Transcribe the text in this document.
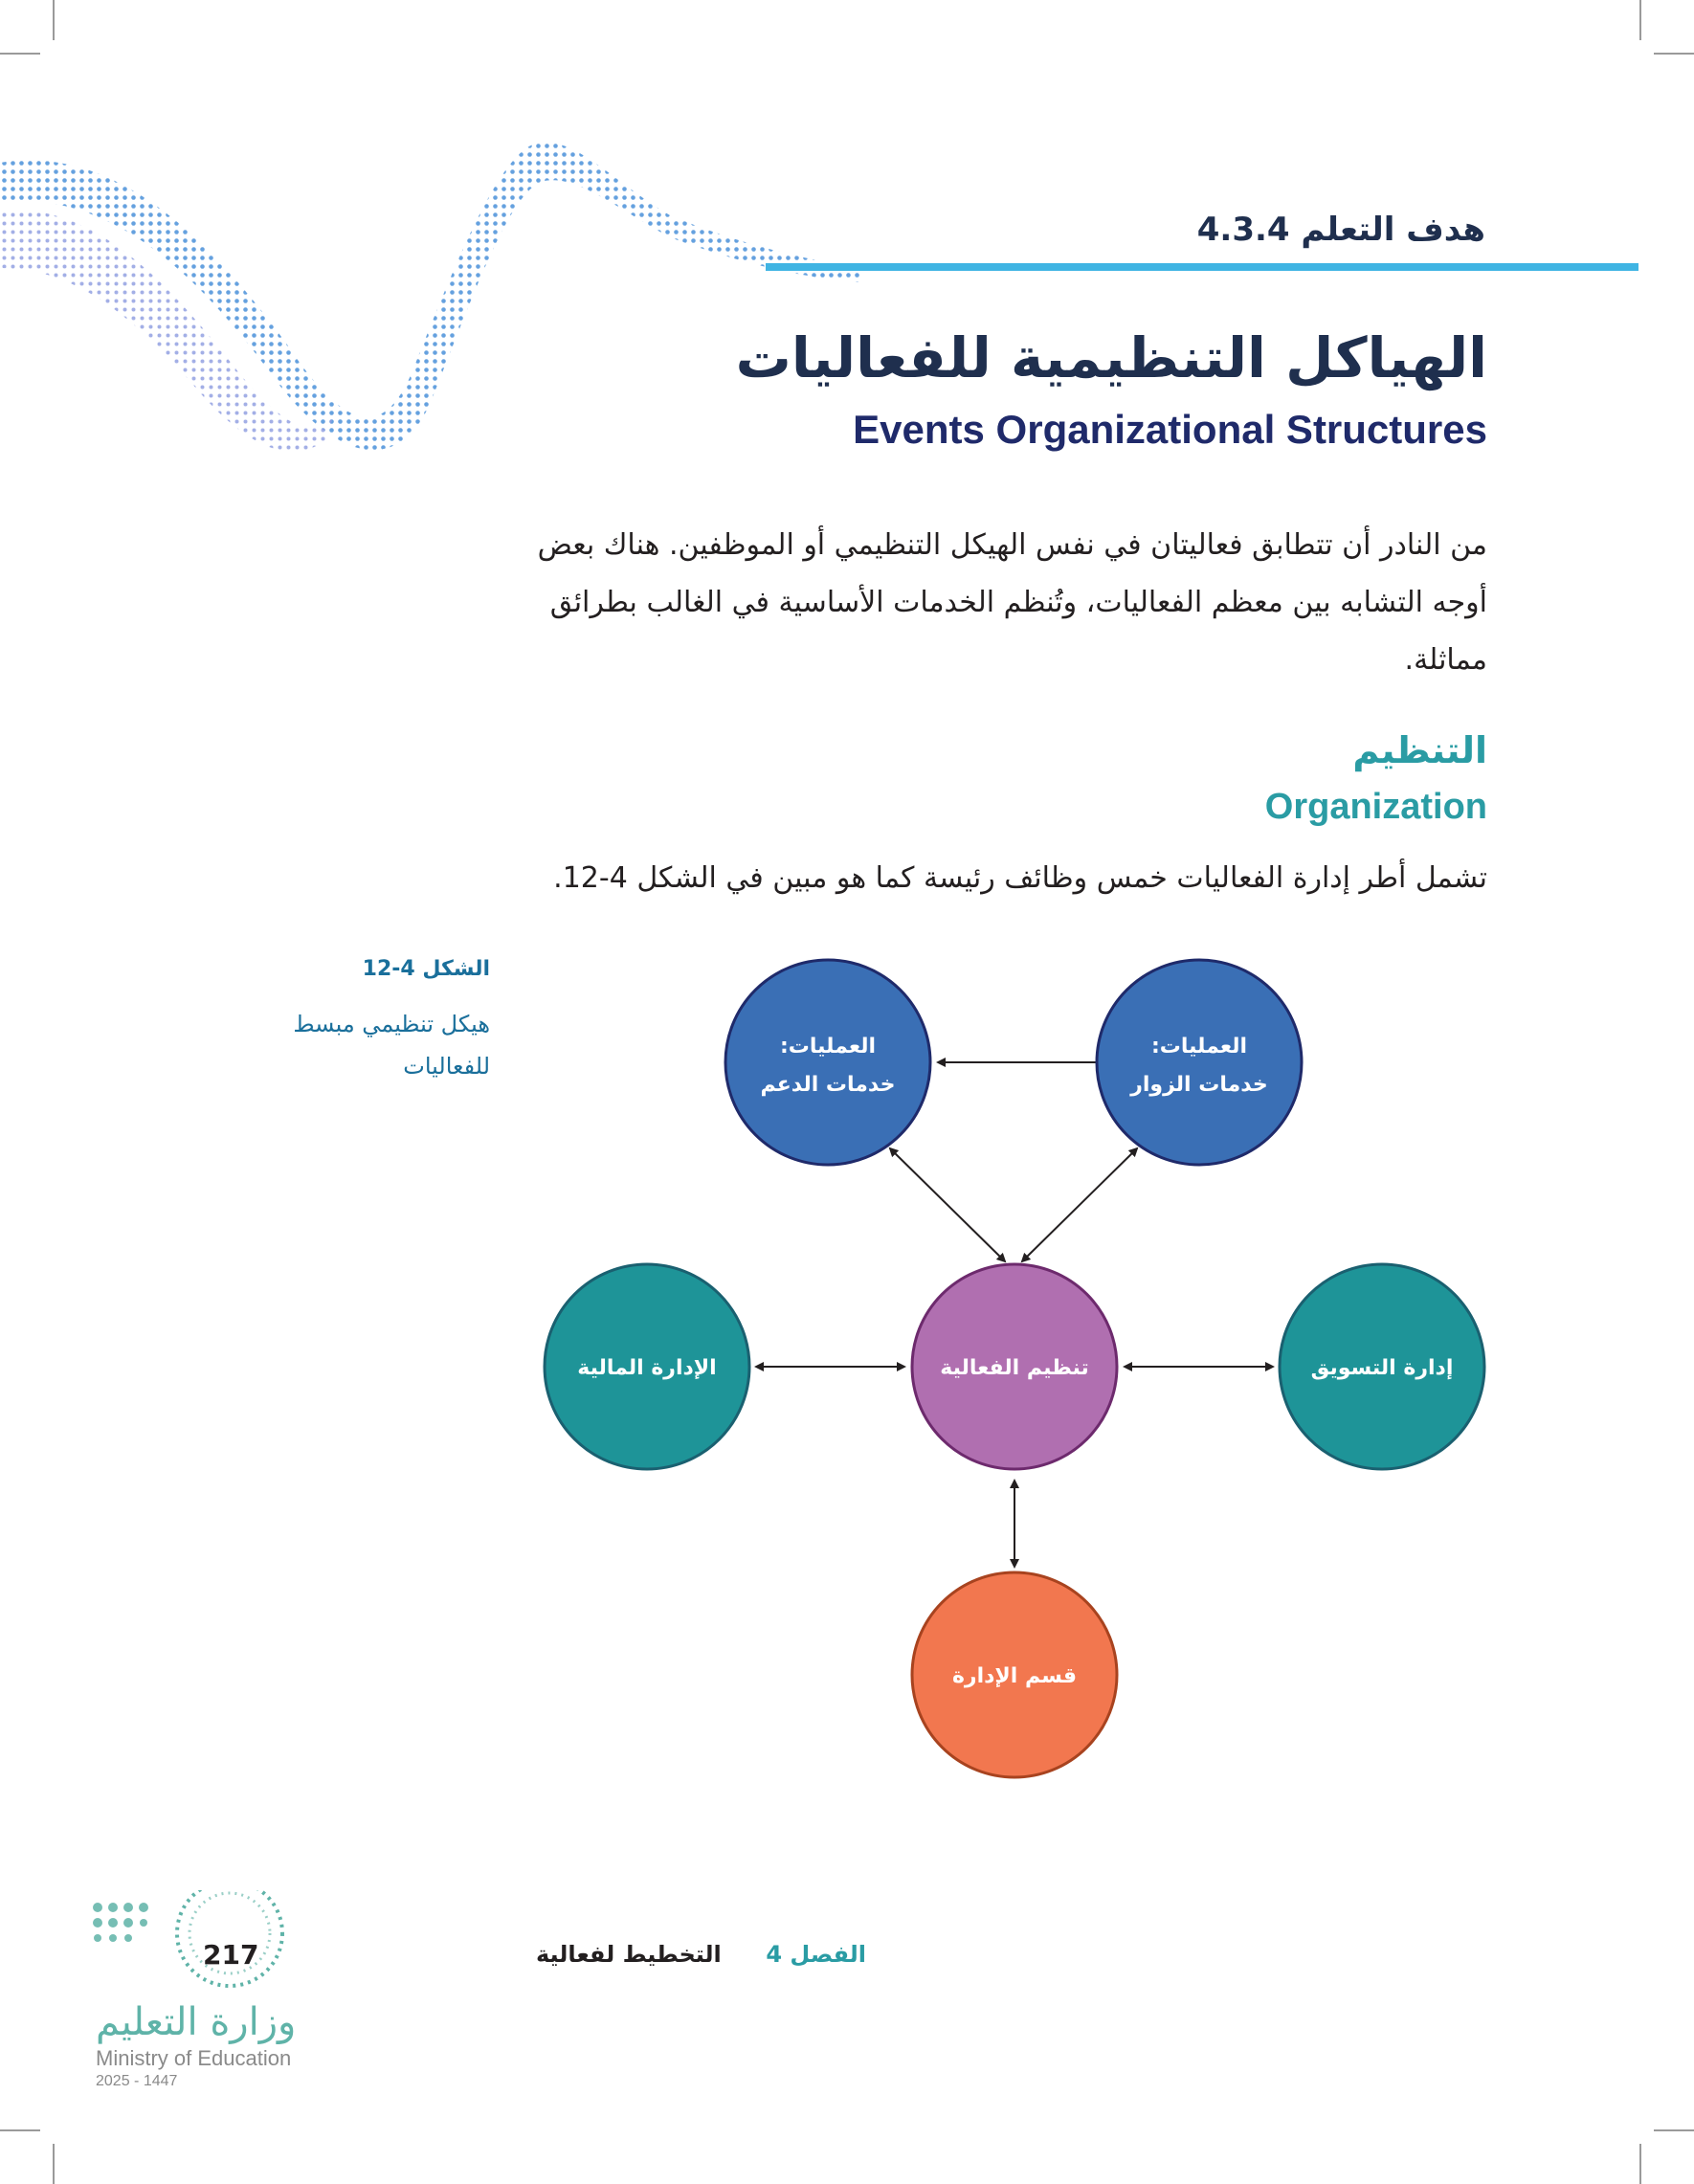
هدف التعلم 4.3.4
الهياكل التنظيمية للفعاليات
Events Organizational Structures
من النادر أن تتطابق فعاليتان في نفس الهيكل التنظيمي أو الموظفين. هناك بعض أوجه التشابه بين معظم الفعاليات، وتُنظم الخدمات الأساسية في الغالب بطرائق مماثلة.
التنظيم
Organization
تشمل أطر إدارة الفعاليات خمس وظائف رئيسة كما هو مبين في الشكل 4-12.
الشكل 4-12
هيكل تنظيمي مبسط
للفعاليات
العمليات:
خدمات الدعم
العمليات:
خدمات الزوار
الإدارة المالية	تنظيم الفعالية	إدارة التسويق
قسم الإدارة
التخطيط لفعالية الفصل 4
217
وزارة التعليم
Ministry of Education
2025 - 1447
